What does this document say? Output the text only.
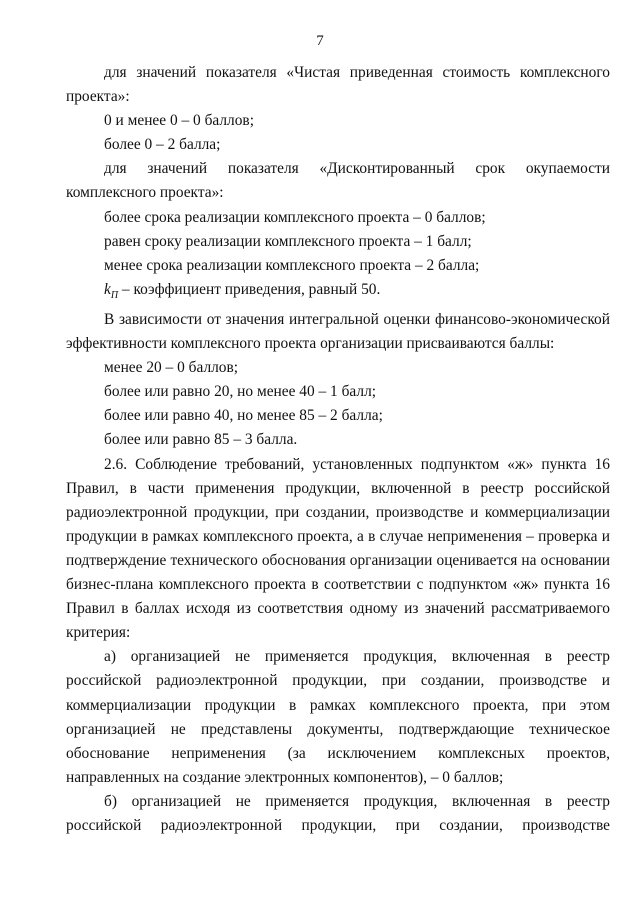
7

для значений показателя «Чистая приведенная стоимость комплексного проекта»:

0 и менее 0 – 0 баллов;

более 0 – 2 балла;

для значений показателя «Дисконтированный срок окупаемости комплексного проекта»:

более срока реализации комплексного проекта – 0 баллов;

равен сроку реализации комплексного проекта – 1 балл;

менее срока реализации комплексного проекта – 2 балла;

$k_П$ – коэффициент приведения, равный 50.

В зависимости от значения интегральной оценки финансово-экономической эффективности комплексного проекта организации присваиваются баллы:

менее 20 – 0 баллов;

более или равно 20, но менее 40 – 1 балл;

более или равно 40, но менее 85 – 2 балла;

более или равно 85 – 3 балла.

2.6. Соблюдение требований, установленных подпунктом «ж» пункта 16 Правил, в части применения продукции, включенной в реестр российской радиоэлектронной продукции, при создании, производстве и коммерциализации продукции в рамках комплексного проекта, а в случае неприменения – проверка и подтверждение технического обоснования организации оценивается на основании бизнес-плана комплексного проекта в соответствии с подпунктом «ж» пункта 16 Правил в баллах исходя из соответствия одному из значений рассматриваемого критерия:

а) организацией не применяется продукция, включенная в реестр российской радиоэлектронной продукции, при создании, производстве и коммерциализации продукции в рамках комплексного проекта, при этом организацией не представлены документы, подтверждающие техническое обоснование неприменения (за исключением комплексных проектов, направленных на создание электронных компонентов), – 0 баллов;

б) организацией не применяется продукция, включенная в реестр российской радиоэлектронной продукции, при создании, производстве
